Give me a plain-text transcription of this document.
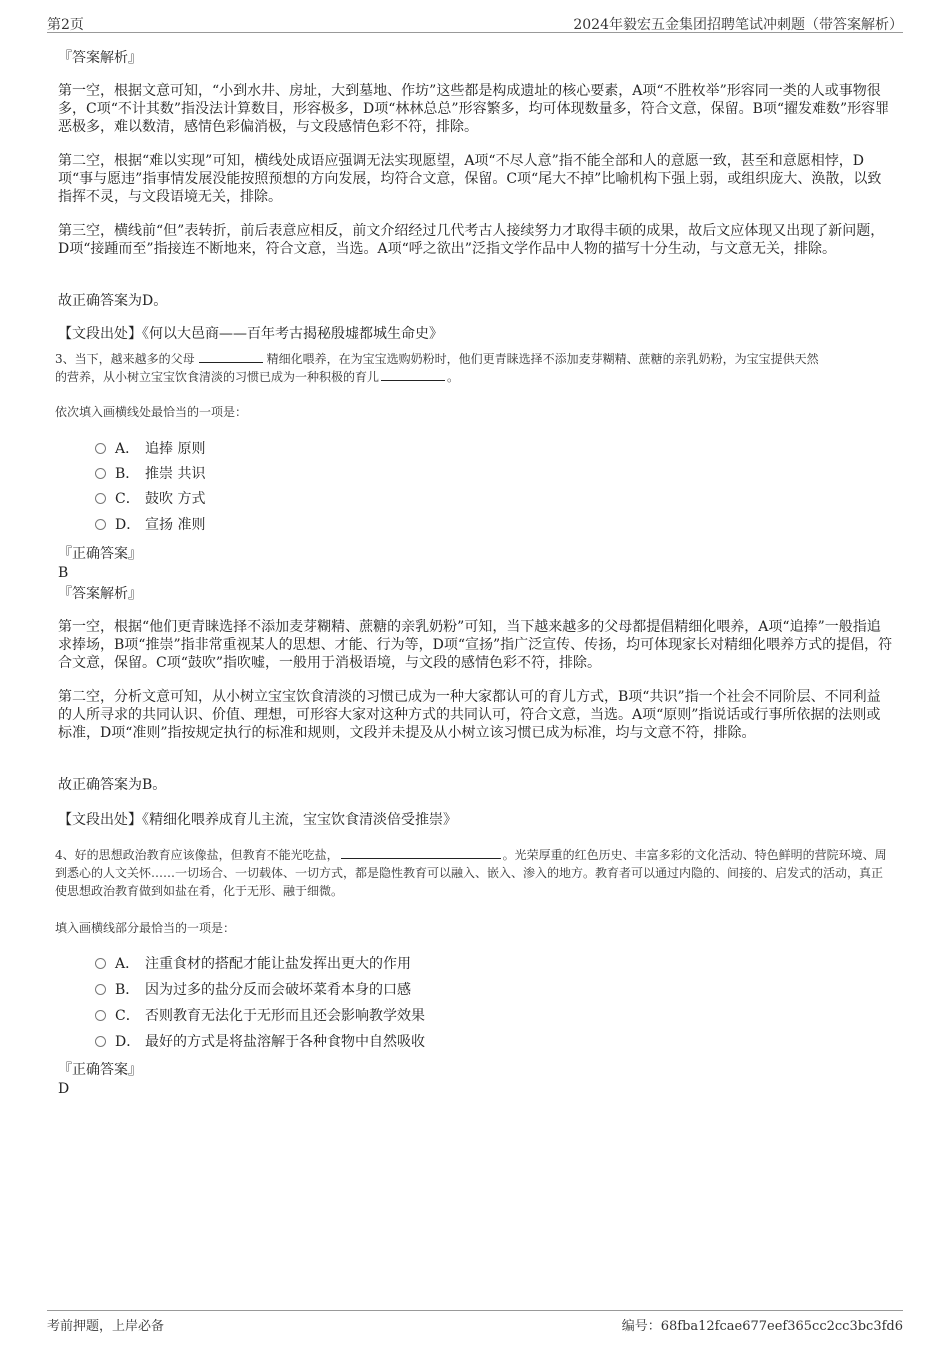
第2页	2024年毅宏五金集团招聘笔试冲刺题（带答案解析）

『答案解析』

第一空，根据文意可知，“小到水井、房址，大到墓地、作坊”这些都是构成遗址的核心要素，A项“不胜枚举”形容同一类的人或事物很多，C项“不计其数”指没法计算数目，形容极多，D项“林林总总”形容繁多，均可体现数量多，符合文意，保留。B项“擢发难数”形容罪恶极多，难以数清，感情色彩偏消极，与文段感情色彩不符，排除。

第二空，根据“难以实现”可知，横线处成语应强调无法实现愿望，A项“不尽人意”指不能全部和人的意愿一致，甚至和意愿相悖，D项“事与愿违”指事情发展没能按照预想的方向发展，均符合文意，保留。C项“尾大不掉”比喻机构下强上弱，或组织庞大、涣散，以致指挥不灵，与文段语境无关，排除。

第三空，横线前“但”表转折，前后表意应相反，前文介绍经过几代考古人接续努力才取得丰硕的成果，故后文应体现又出现了新问题，D项“接踵而至”指接连不断地来，符合文意，当选。A项“呼之欲出”泛指文学作品中人物的描写十分生动，与文意无关，排除。

故正确答案为D。

【文段出处】《何以大邑商——百年考古揭秘殷墟都城生命史》

3、当下，越来越多的父母	精细化喂养，在为宝宝选购奶粉时，他们更青睐选择不添加麦芽糊精、蔗糖的亲乳奶粉，为宝宝提供天然
的营养，从小树立宝宝饮食清淡的习惯已成为一种积极的育儿	。

依次填入画横线处最恰当的一项是：

A． 追捧 原则
B． 推崇 共识
C． 鼓吹 方式
D． 宣扬 准则

『正确答案』

B

『答案解析』

第一空，根据“他们更青睐选择不添加麦芽糊精、蔗糖的亲乳奶粉”可知，当下越来越多的父母都提倡精细化喂养，A项“追捧”一般指追求捧场，B项“推崇”指非常重视某人的思想、才能、行为等，D项“宣扬”指广泛宣传、传扬，均可体现家长对精细化喂养方式的提倡，符合文意，保留。C项“鼓吹”指吹嘘，一般用于消极语境，与文段的感情色彩不符，排除。

第二空，分析文意可知，从小树立宝宝饮食清淡的习惯已成为一种大家都认可的育儿方式，B项“共识”指一个社会不同阶层、不同利益的人所寻求的共同认识、价值、理想，可形容大家对这种方式的共同认可，符合文意，当选。A项“原则”指说话或行事所依据的法则或标准，D项“准则”指按规定执行的标准和规则，文段并未提及从小树立该习惯已成为标准，均与文意不符，排除。

故正确答案为B。

【文段出处】《精细化喂养成育儿主流，宝宝饮食清淡倍受推崇》

4、好的思想政治教育应该像盐，但教育不能光吃盐，	。光荣厚重的红色历史、丰富多彩的文化活动、特色鲜明的营院环境、周到悉心的人文关怀……一切场合、一切载体、一切方式，都是隐性教育可以融入、嵌入、渗入的地方。教育者可以通过内隐的、间接的、启发式的活动，真正使思想政治教育做到如盐在肴，化于无形、融于细微。

填入画横线部分最恰当的一项是：

A． 注重食材的搭配才能让盐发挥出更大的作用
B． 因为过多的盐分反而会破坏菜肴本身的口感
C． 否则教育无法化于无形而且还会影响教学效果
D． 最好的方式是将盐溶解于各种食物中自然吸收

『正确答案』

D

考前押题，上岸必备	编号：68fba12fcae677eef365cc2cc3bc3fd6
